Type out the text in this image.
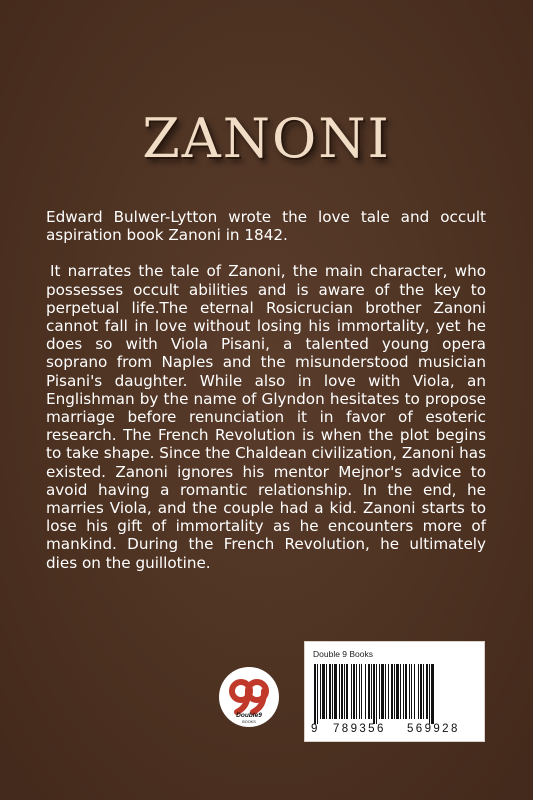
ZANONI

Edward Bulwer-Lytton wrote the love tale and occult aspiration book Zanoni in 1842.

It narrates the tale of Zanoni, the main character, who possesses occult abilities and is aware of the key to perpetual life.The eternal Rosicrucian brother Zanoni cannot fall in love without losing his immortality, yet he does so with Viola Pisani, a talented young opera soprano from Naples and the misunderstood musician Pisani's daughter. While also in love with Viola, an Englishman by the name of Glyndon hesitates to propose marriage before renunciation it in favor of esoteric research. The French Revolution is when the plot begins to take shape. Since the Chaldean civilization, Zanoni has existed. Zanoni ignores his mentor Mejnor's advice to avoid having a romantic relationship. In the end, he marries Viola, and the couple had a kid. Zanoni starts to lose his gift of immortality as he encounters more of mankind. During the French Revolution, he ultimately dies on the guillotine.

Double9
BOOKS
Double 9 Books
9 789356 569928
